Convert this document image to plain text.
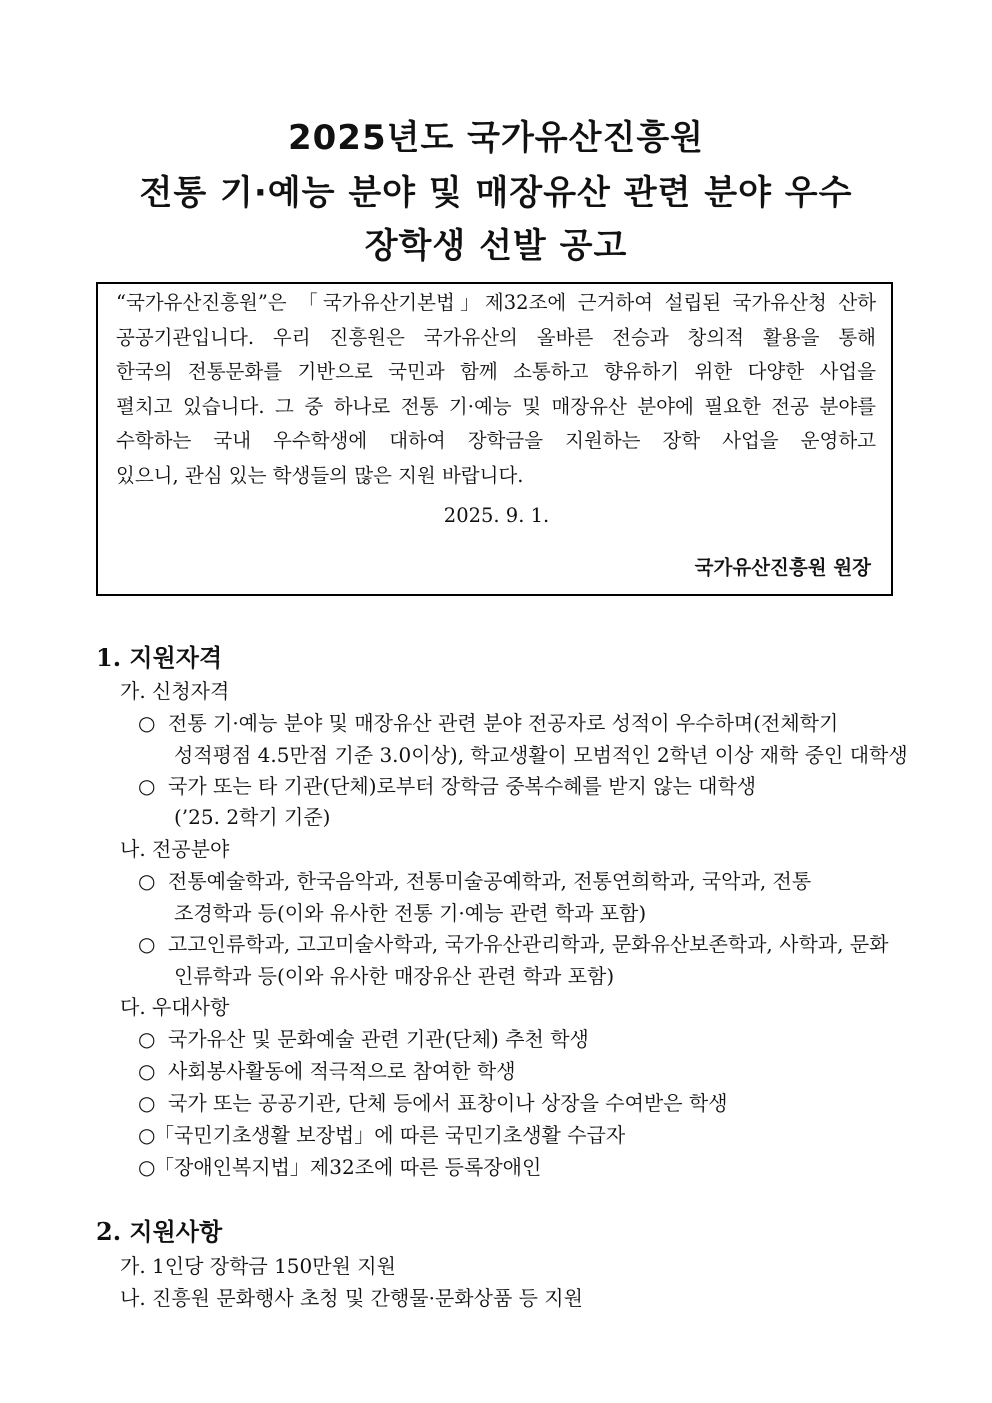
2025년도 국가유산진흥원
전통 기·예능 분야 및 매장유산 관련 분야 우수
장학생 선발 공고
“국가유산진흥원”은 「국가유산기본법」제32조에 근거하여 설립된 국가유산청 산하
공공기관입니다. 우리 진흥원은 국가유산의 올바른 전승과 창의적 활용을 통해
한국의 전통문화를 기반으로 국민과 함께 소통하고 향유하기 위한 다양한 사업을
펼치고 있습니다. 그 중 하나로 전통 기·예능 및 매장유산 분야에 필요한 전공 분야를
수학하는 국내 우수학생에 대하여 장학금을 지원하는 장학 사업을 운영하고
있으니, 관심 있는 학생들의 많은 지원 바랍니다.
2025. 9. 1.
국가유산진흥원 원장
1. 지원자격
가. 신청자격
○ 전통 기·예능 분야 및 매장유산 관련 분야 전공자로 성적이 우수하며(전체학기
성적평점 4.5만점 기준 3.0이상), 학교생활이 모범적인 2학년 이상 재학 중인 대학생
○ 국가 또는 타 기관(단체)로부터 장학금 중복수혜를 받지 않는 대학생
(’25. 2학기 기준)
나. 전공분야
○ 전통예술학과, 한국음악과, 전통미술공예학과, 전통연희학과, 국악과, 전통
조경학과 등(이와 유사한 전통 기·예능 관련 학과 포함)
○ 고고인류학과, 고고미술사학과, 국가유산관리학과, 문화유산보존학과, 사학과, 문화
인류학과 등(이와 유사한 매장유산 관련 학과 포함)
다. 우대사항
○ 국가유산 및 문화예술 관련 기관(단체) 추천 학생
○ 사회봉사활동에 적극적으로 참여한 학생
○ 국가 또는 공공기관, 단체 등에서 표창이나 상장을 수여받은 학생
○「국민기초생활 보장법」에 따른 국민기초생활 수급자
○「장애인복지법」제32조에 따른 등록장애인
2. 지원사항
가. 1인당 장학금 150만원 지원
나. 진흥원 문화행사 초청 및 간행물·문화상품 등 지원
